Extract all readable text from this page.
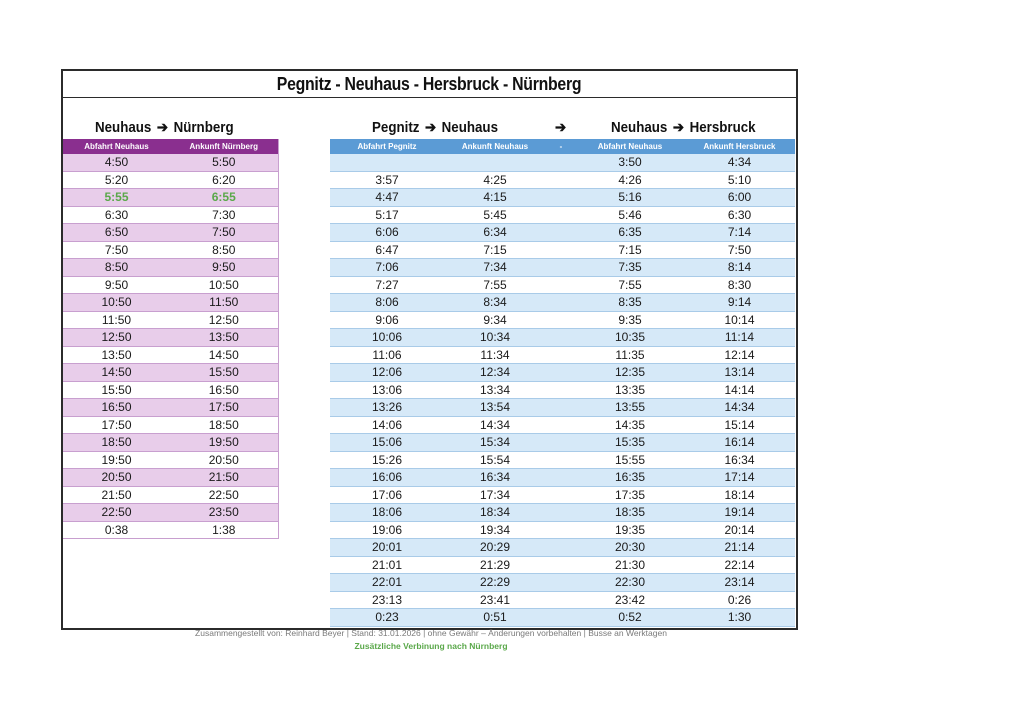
Pegnitz - Neuhaus - Hersbruck - Nürnberg
Neuhaus ➔ Nürnberg	Pegnitz ➔ Neuhaus	➔	Neuhaus ➔ Hersbruck
Abfahrt Neuhaus	Ankunft Nürnberg
4:50	5:50
5:20	6:20
5:55	6:55
6:30	7:30
6:50	7:50
7:50	8:50
8:50	9:50
9:50	10:50
10:50	11:50
11:50	12:50
12:50	13:50
13:50	14:50
14:50	15:50
15:50	16:50
16:50	17:50
17:50	18:50
18:50	19:50
19:50	20:50
20:50	21:50
21:50	22:50
22:50	23:50
0:38	1:38
Abfahrt Pegnitz	Ankunft Neuhaus	-	Abfahrt Neuhaus	Ankunft Hersbruck
			3:50	4:34
3:57	4:25		4:26	5:10
4:47	4:15		5:16	6:00
5:17	5:45		5:46	6:30
6:06	6:34		6:35	7:14
6:47	7:15		7:15	7:50
7:06	7:34		7:35	8:14
7:27	7:55		7:55	8:30
8:06	8:34		8:35	9:14
9:06	9:34		9:35	10:14
10:06	10:34		10:35	11:14
11:06	11:34		11:35	12:14
12:06	12:34		12:35	13:14
13:06	13:34		13:35	14:14
13:26	13:54		13:55	14:34
14:06	14:34		14:35	15:14
15:06	15:34		15:35	16:14
15:26	15:54		15:55	16:34
16:06	16:34		16:35	17:14
17:06	17:34		17:35	18:14
18:06	18:34		18:35	19:14
19:06	19:34		19:35	20:14
20:01	20:29		20:30	21:14
21:01	21:29		21:30	22:14
22:01	22:29		22:30	23:14
23:13	23:41		23:42	0:26
0:23	0:51		0:52	1:30
Zusammengestellt von: Reinhard Beyer | Stand: 31.01.2026 | ohne Gewähr – Änderungen vorbehalten | Busse an Werktagen
Zusätzliche Verbinung nach Nürnberg
